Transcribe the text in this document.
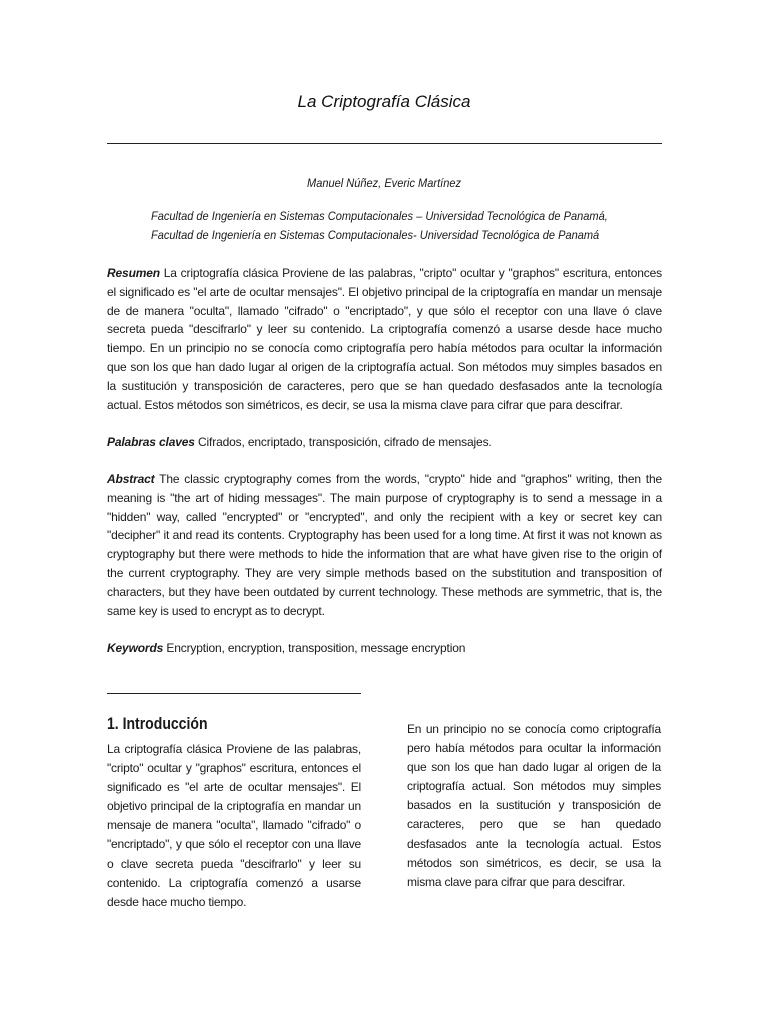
La Criptografía Clásica
Manuel Núñez, Everic Martínez
Facultad de Ingeniería en Sistemas Computacionales – Universidad Tecnológica de Panamá,
Facultad de Ingeniería en Sistemas Computacionales- Universidad Tecnológica de Panamá
Resumen La criptografía clásica Proviene de las palabras, "cripto" ocultar y "graphos" escritura, entonces el significado es "el arte de ocultar mensajes". El objetivo principal de la criptografía en mandar un mensaje de de manera "oculta", llamado "cifrado" o "encriptado", y que sólo el receptor con una llave ó clave secreta pueda "descifrarlo" y leer su contenido. La criptografía comenzó a usarse desde hace mucho tiempo. En un principio no se conocía como criptografía pero había métodos para ocultar la información que son los que han dado lugar al origen de la criptografía actual. Son métodos muy simples basados en la sustitución y transposición de caracteres, pero que se han quedado desfasados ante la tecnología actual. Estos métodos son simétricos, es decir, se usa la misma clave para cifrar que para descifrar.
Palabras claves Cifrados, encriptado, transposición, cifrado de mensajes.
Abstract The classic cryptography comes from the words, "crypto" hide and "graphos" writing, then the meaning is "the art of hiding messages". The main purpose of cryptography is to send a message in a "hidden" way, called "encrypted" or "encrypted", and only the recipient with a key or secret key can "decipher" it and read its contents. Cryptography has been used for a long time. At first it was not known as cryptography but there were methods to hide the information that are what have given rise to the origin of the current cryptography. They are very simple methods based on the substitution and transposition of characters, but they have been outdated by current technology. These methods are symmetric, that is, the same key is used to encrypt as to decrypt.
Keywords Encryption, encryption, transposition, message encryption
1. Introducción
La criptografía clásica Proviene de las palabras, "cripto" ocultar y "graphos" escritura, entonces el significado es "el arte de ocultar mensajes". El objetivo principal de la criptografía en mandar un mensaje de manera "oculta", llamado "cifrado" o "encriptado", y que sólo el receptor con una llave o clave secreta pueda "descifrarlo" y leer su contenido. La criptografía comenzó a usarse desde hace mucho tiempo.
En un principio no se conocía como criptografía pero había métodos para ocultar la información que son los que han dado lugar al origen de la criptografía actual. Son métodos muy simples basados en la sustitución y transposición de caracteres, pero que se han quedado desfasados ante la tecnología actual. Estos métodos son simétricos, es decir, se usa la misma clave para cifrar que para descifrar.
